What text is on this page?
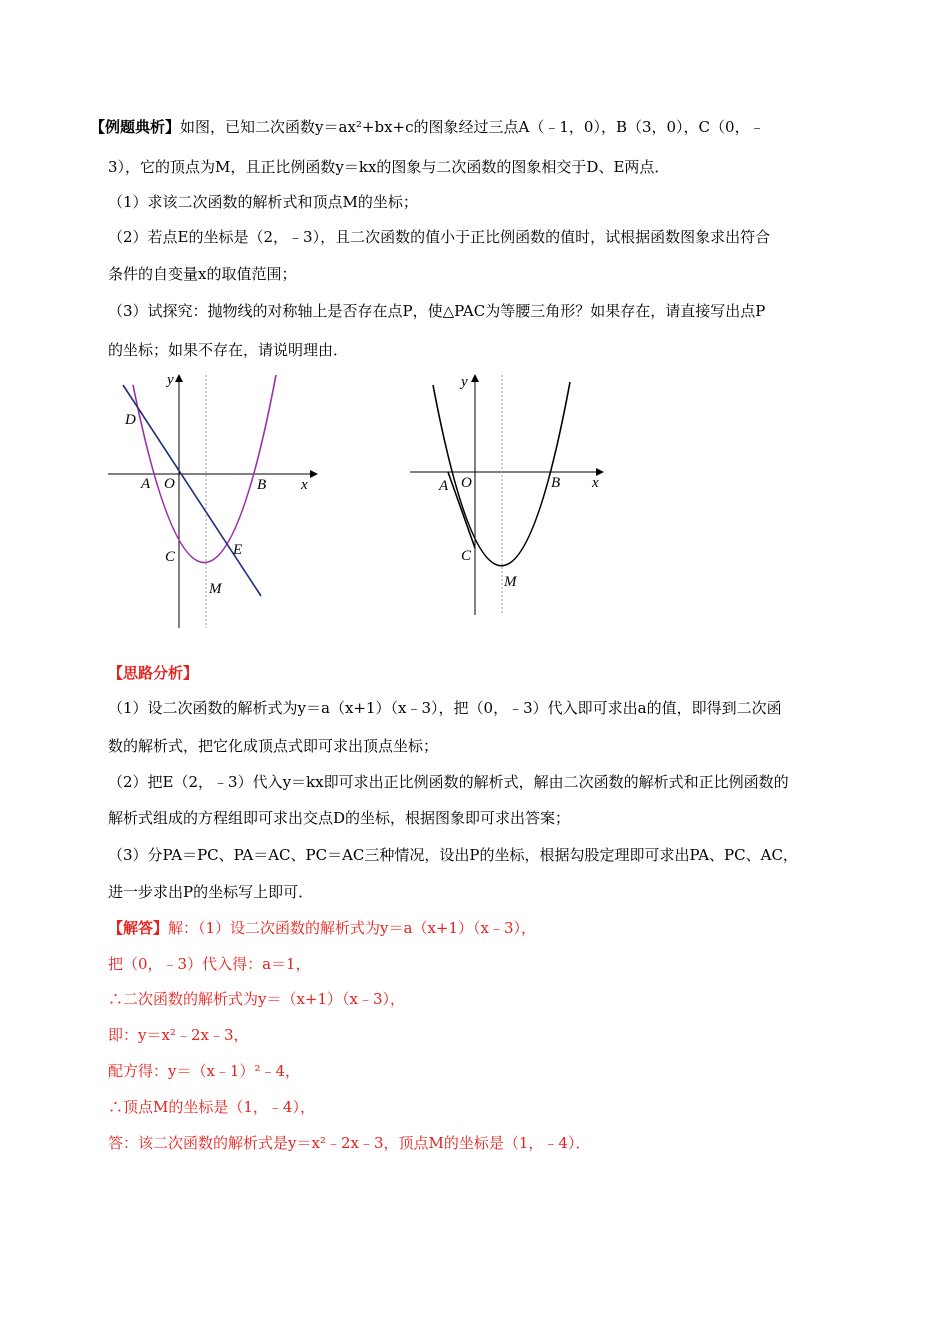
【例题典析】如图，已知二次函数y＝ax²+bx+c的图象经过三点A（﹣1，0），B（3，0），C（0，﹣
3），它的顶点为M，且正比例函数y＝kx的图象与二次函数的图象相交于D、E两点．
（1）求该二次函数的解析式和顶点M的坐标；
（2）若点E的坐标是（2，﹣3），且二次函数的值小于正比例函数的值时，试根据函数图象求出符合
条件的自变量x的取值范围；
（3）试探究：抛物线的对称轴上是否存在点P，使△PAC为等腰三角形？如果存在，请直接写出点P
的坐标；如果不存在，请说明理由．
y
x
D
A O	B
C	E
M
y
x
A O	B
C
M
【思路分析】
（1）设二次函数的解析式为y＝a（x+1）（x﹣3），把（0，﹣3）代入即可求出a的值，即得到二次函
数的解析式，把它化成顶点式即可求出顶点坐标；
（2）把E（2，﹣3）代入y＝kx即可求出正比例函数的解析式，解由二次函数的解析式和正比例函数的
解析式组成的方程组即可求出交点D的坐标，根据图象即可求出答案；
（3）分PA＝PC、PA＝AC、PC＝AC三种情况，设出P的坐标，根据勾股定理即可求出PA、PC、AC，
进一步求出P的坐标写上即可．
【解答】解：（1）设二次函数的解析式为y＝a（x+1）（x﹣3），
把（0，﹣3）代入得：a＝1，
∴二次函数的解析式为y＝（x+1）（x﹣3），
即：y＝x²﹣2x﹣3，
配方得：y＝（x﹣1）²﹣4，
∴顶点M的坐标是（1，﹣4），
答：该二次函数的解析式是y＝x²﹣2x﹣3，顶点M的坐标是（1，﹣4）．
